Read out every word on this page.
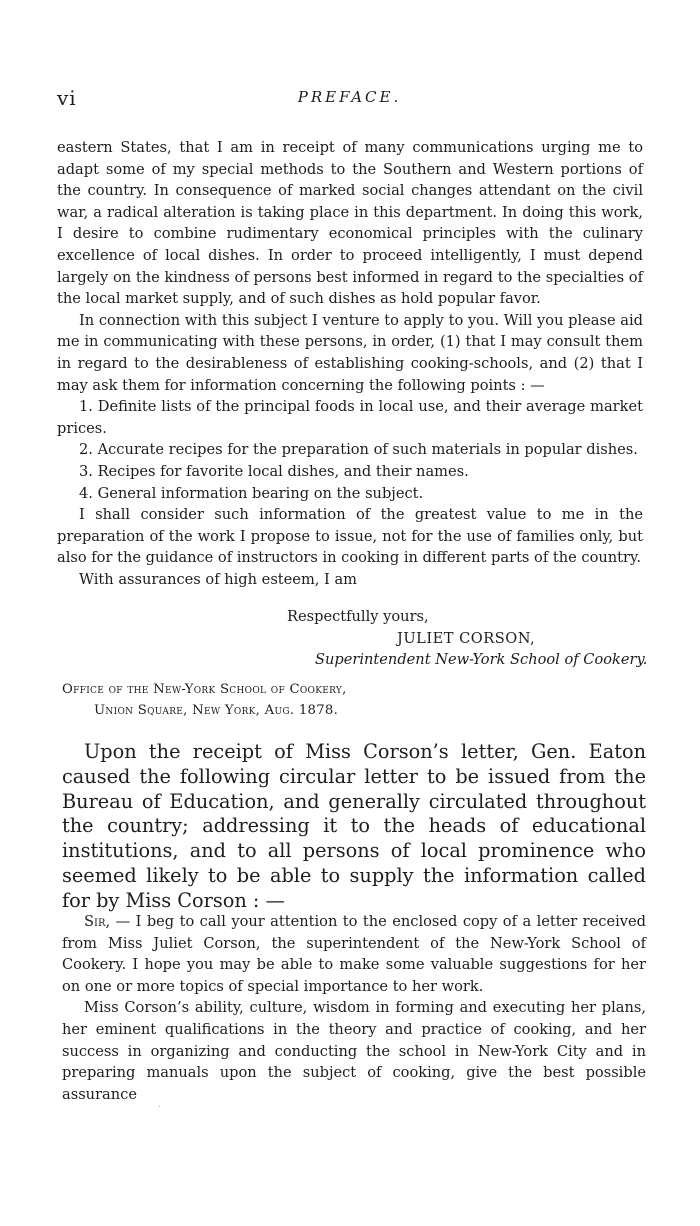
vi	PREFACE.

eastern States, that I am in receipt of many communications urging me to adapt some of my special methods to the Southern and Western portions of the country. In consequence of marked social changes attendant on the civil war, a radical alteration is taking place in this department. In doing this work, I desire to combine rudimentary economical principles with the culinary excellence of local dishes. In order to proceed intelligently, I must depend largely on the kindness of persons best informed in regard to the specialties of the local market supply, and of such dishes as hold popular favor.

In connection with this subject I venture to apply to you. Will you please aid me in communicating with these persons, in order, (1) that I may consult them in regard to the desirableness of establishing cooking-schools, and (2) that I may ask them for information concerning the following points : —

1. Definite lists of the principal foods in local use, and their average market prices.

2. Accurate recipes for the preparation of such materials in popular dishes.

3. Recipes for favorite local dishes, and their names.

4. General information bearing on the subject.

I shall consider such information of the greatest value to me in the preparation of the work I propose to issue, not for the use of families only, but also for the guidance of instructors in cooking in different parts of the country.

With assurances of high esteem, I am

Respectfully yours,
JULIET CORSON,
Superintendent New-York School of Cookery.
Office of the New-York School of Cookery,
Union Square, New York, Aug. 1878.
Upon the receipt of Miss Corson’s letter, Gen. Eaton caused the following circular letter to be issued from the Bureau of Education, and generally circulated throughout the country; addressing it to the heads of educational institutions, and to all persons of local prominence who seemed likely to be able to supply the information called for by Miss Corson : —

Sir, — I beg to call your attention to the enclosed copy of a letter received from Miss Juliet Corson, the superintendent of the New-York School of Cookery. I hope you may be able to make some valuable suggestions for her on one or more topics of special importance to her work.

Miss Corson’s ability, culture, wisdom in forming and executing her plans, her eminent qualifications in the theory and practice of cooking, and her success in organizing and conducting the school in New-York City and in preparing manuals upon the subject of cooking, give the best possible assurance	ˏ
